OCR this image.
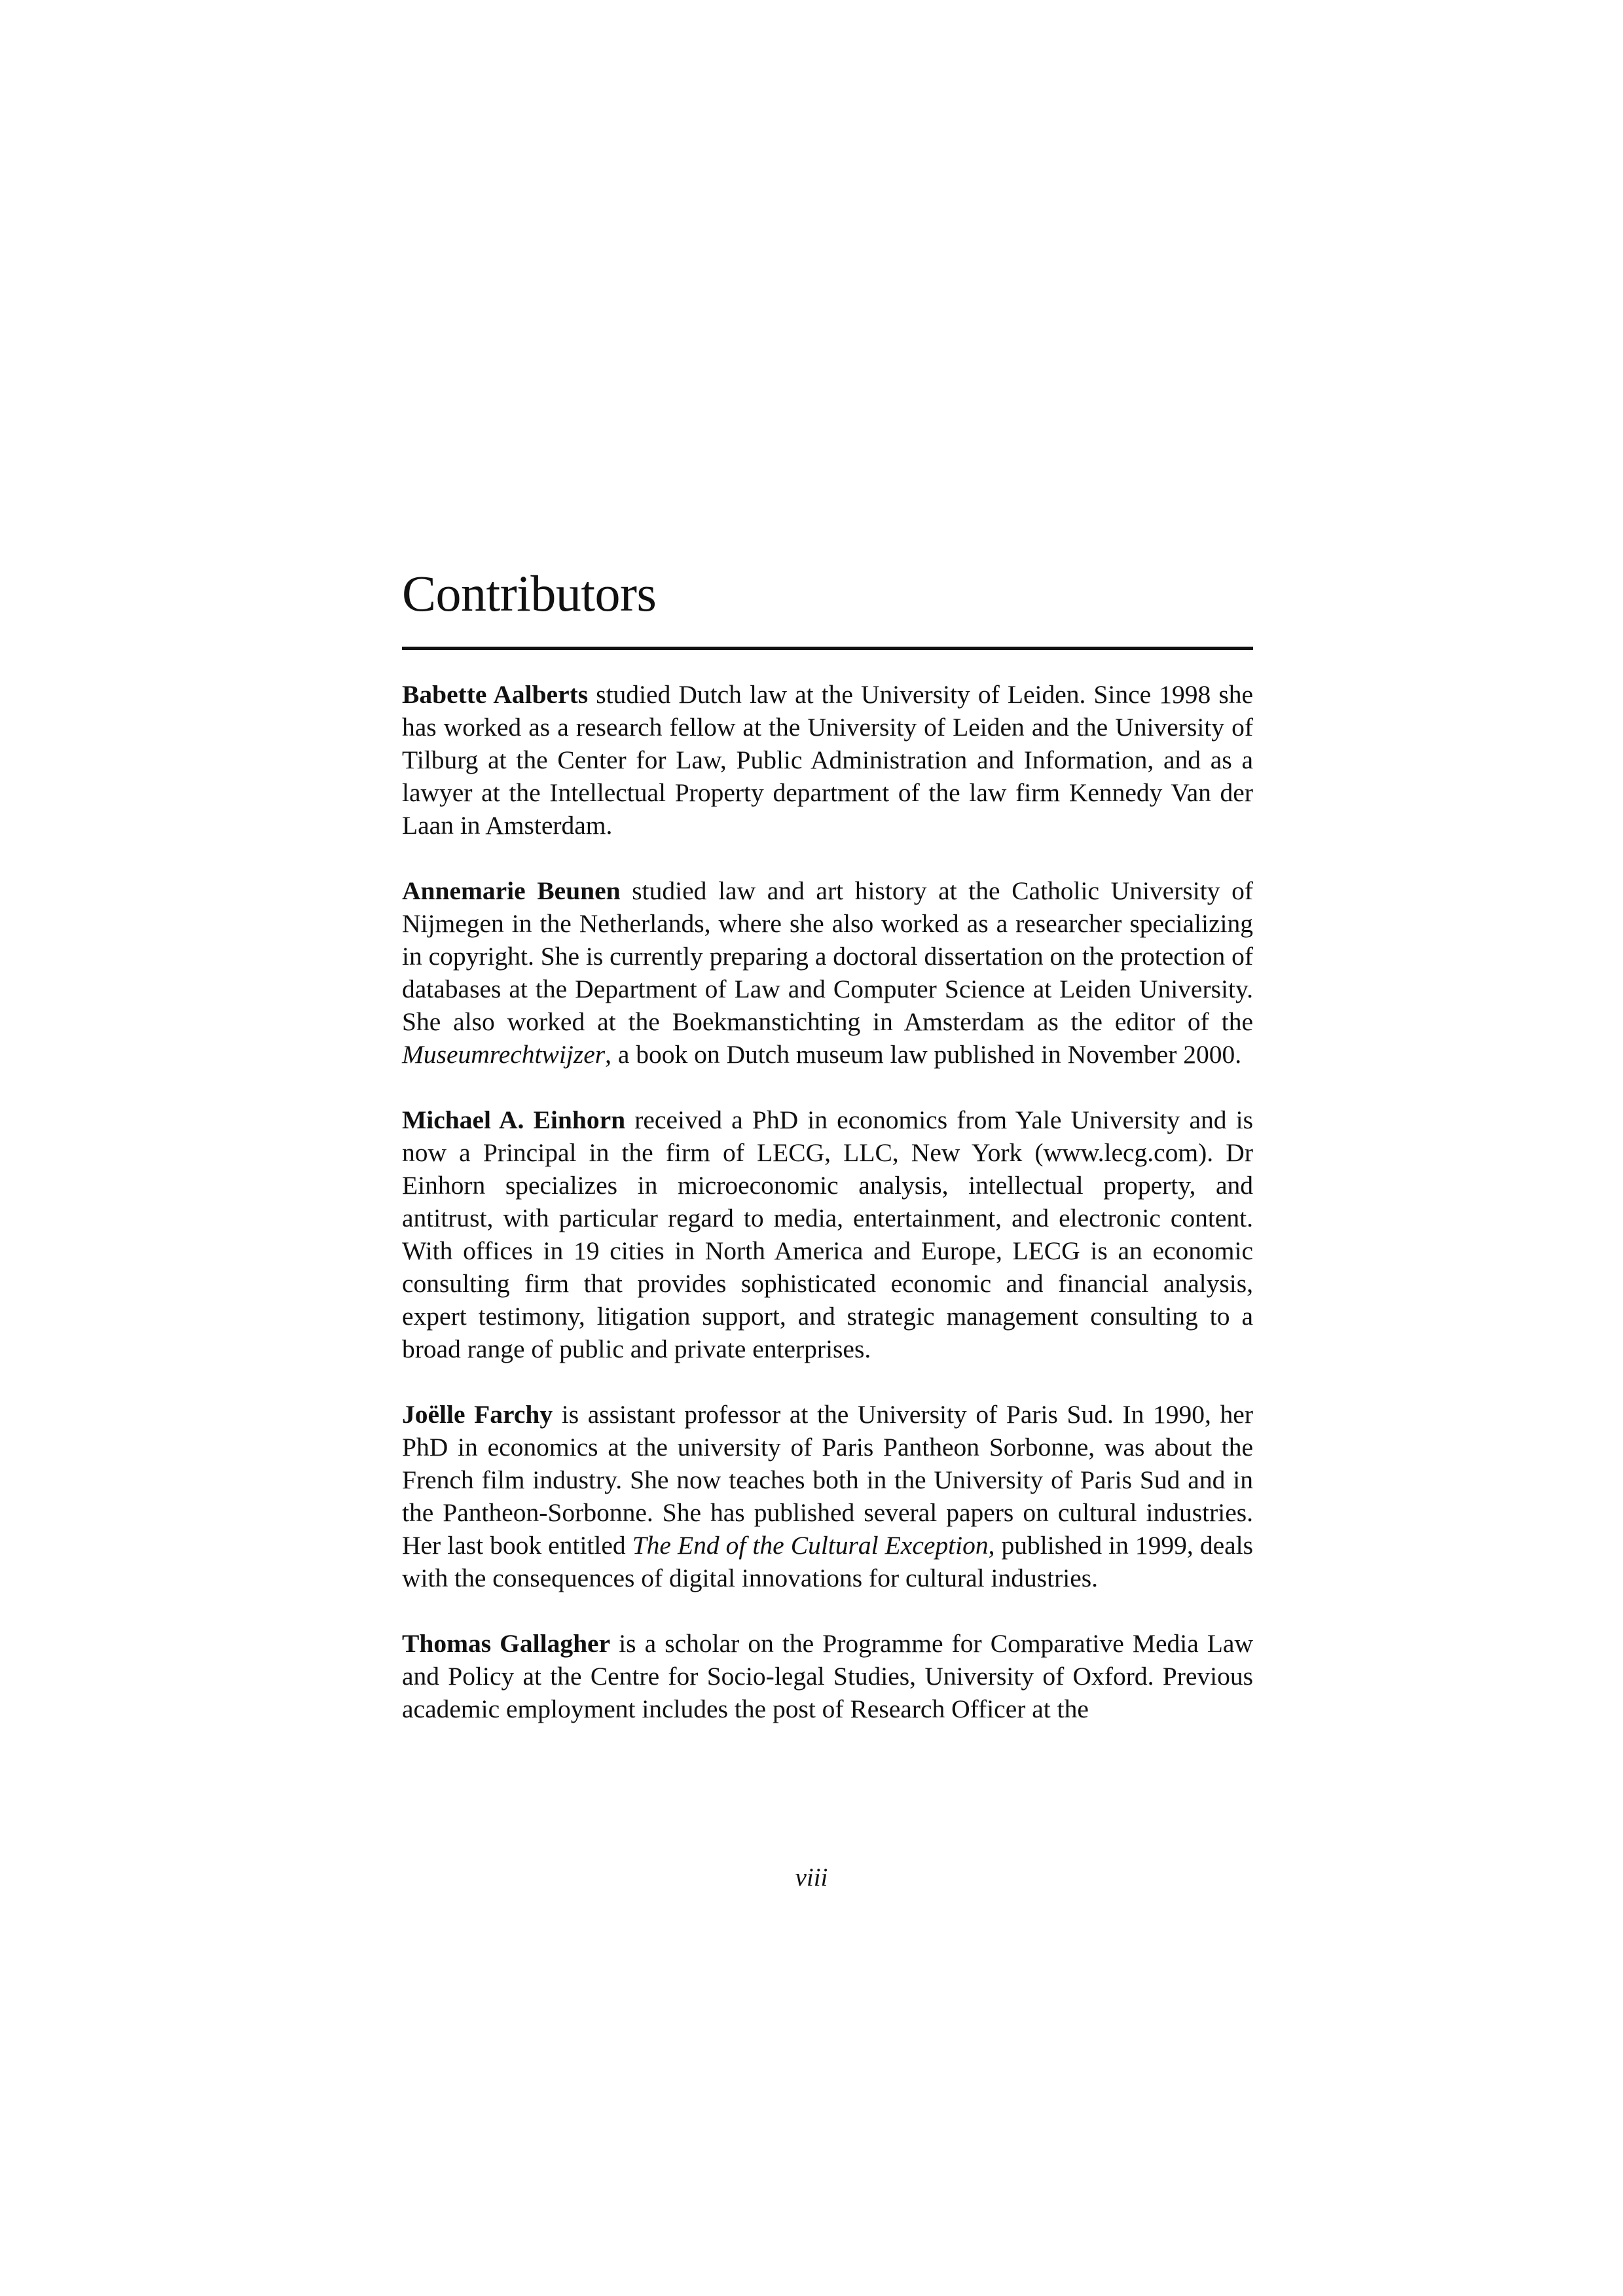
Contributors

Babette Aalberts studied Dutch law at the University of Leiden. Since 1998 she has worked as a research fellow at the University of Leiden and the University of Tilburg at the Center for Law, Public Administration and Information, and as a lawyer at the Intellectual Property department of the law firm Kennedy Van der Laan in Amsterdam.

Annemarie Beunen studied law and art history at the Catholic University of Nijmegen in the Netherlands, where she also worked as a researcher specializing in copyright. She is currently preparing a doctoral dissertation on the protection of databases at the Department of Law and Computer Science at Leiden University. She also worked at the Boekmanstichting in Amsterdam as the editor of the Museumrechtwijzer, a book on Dutch museum law published in November 2000.

Michael A. Einhorn received a PhD in economics from Yale University and is now a Principal in the firm of LECG, LLC, New York (www.lecg.com). Dr Einhorn specializes in microeconomic analysis, intellectual property, and antitrust, with particular regard to media, entertainment, and electronic content. With offices in 19 cities in North America and Europe, LECG is an economic consulting firm that provides sophisticated economic and financial analysis, expert testimony, litigation support, and strategic management consulting to a broad range of public and private enterprises.

Joëlle Farchy is assistant professor at the University of Paris Sud. In 1990, her PhD in economics at the university of Paris Pantheon Sorbonne, was about the French film industry. She now teaches both in the University of Paris Sud and in the Pantheon-Sorbonne. She has published several papers on cultural industries. Her last book entitled The End of the Cultural Exception, published in 1999, deals with the consequences of digital innovations for cultural industries.

Thomas Gallagher is a scholar on the Programme for Comparative Media Law and Policy at the Centre for Socio-legal Studies, University of Oxford. Previous academic employment includes the post of Research Officer at the

viii
